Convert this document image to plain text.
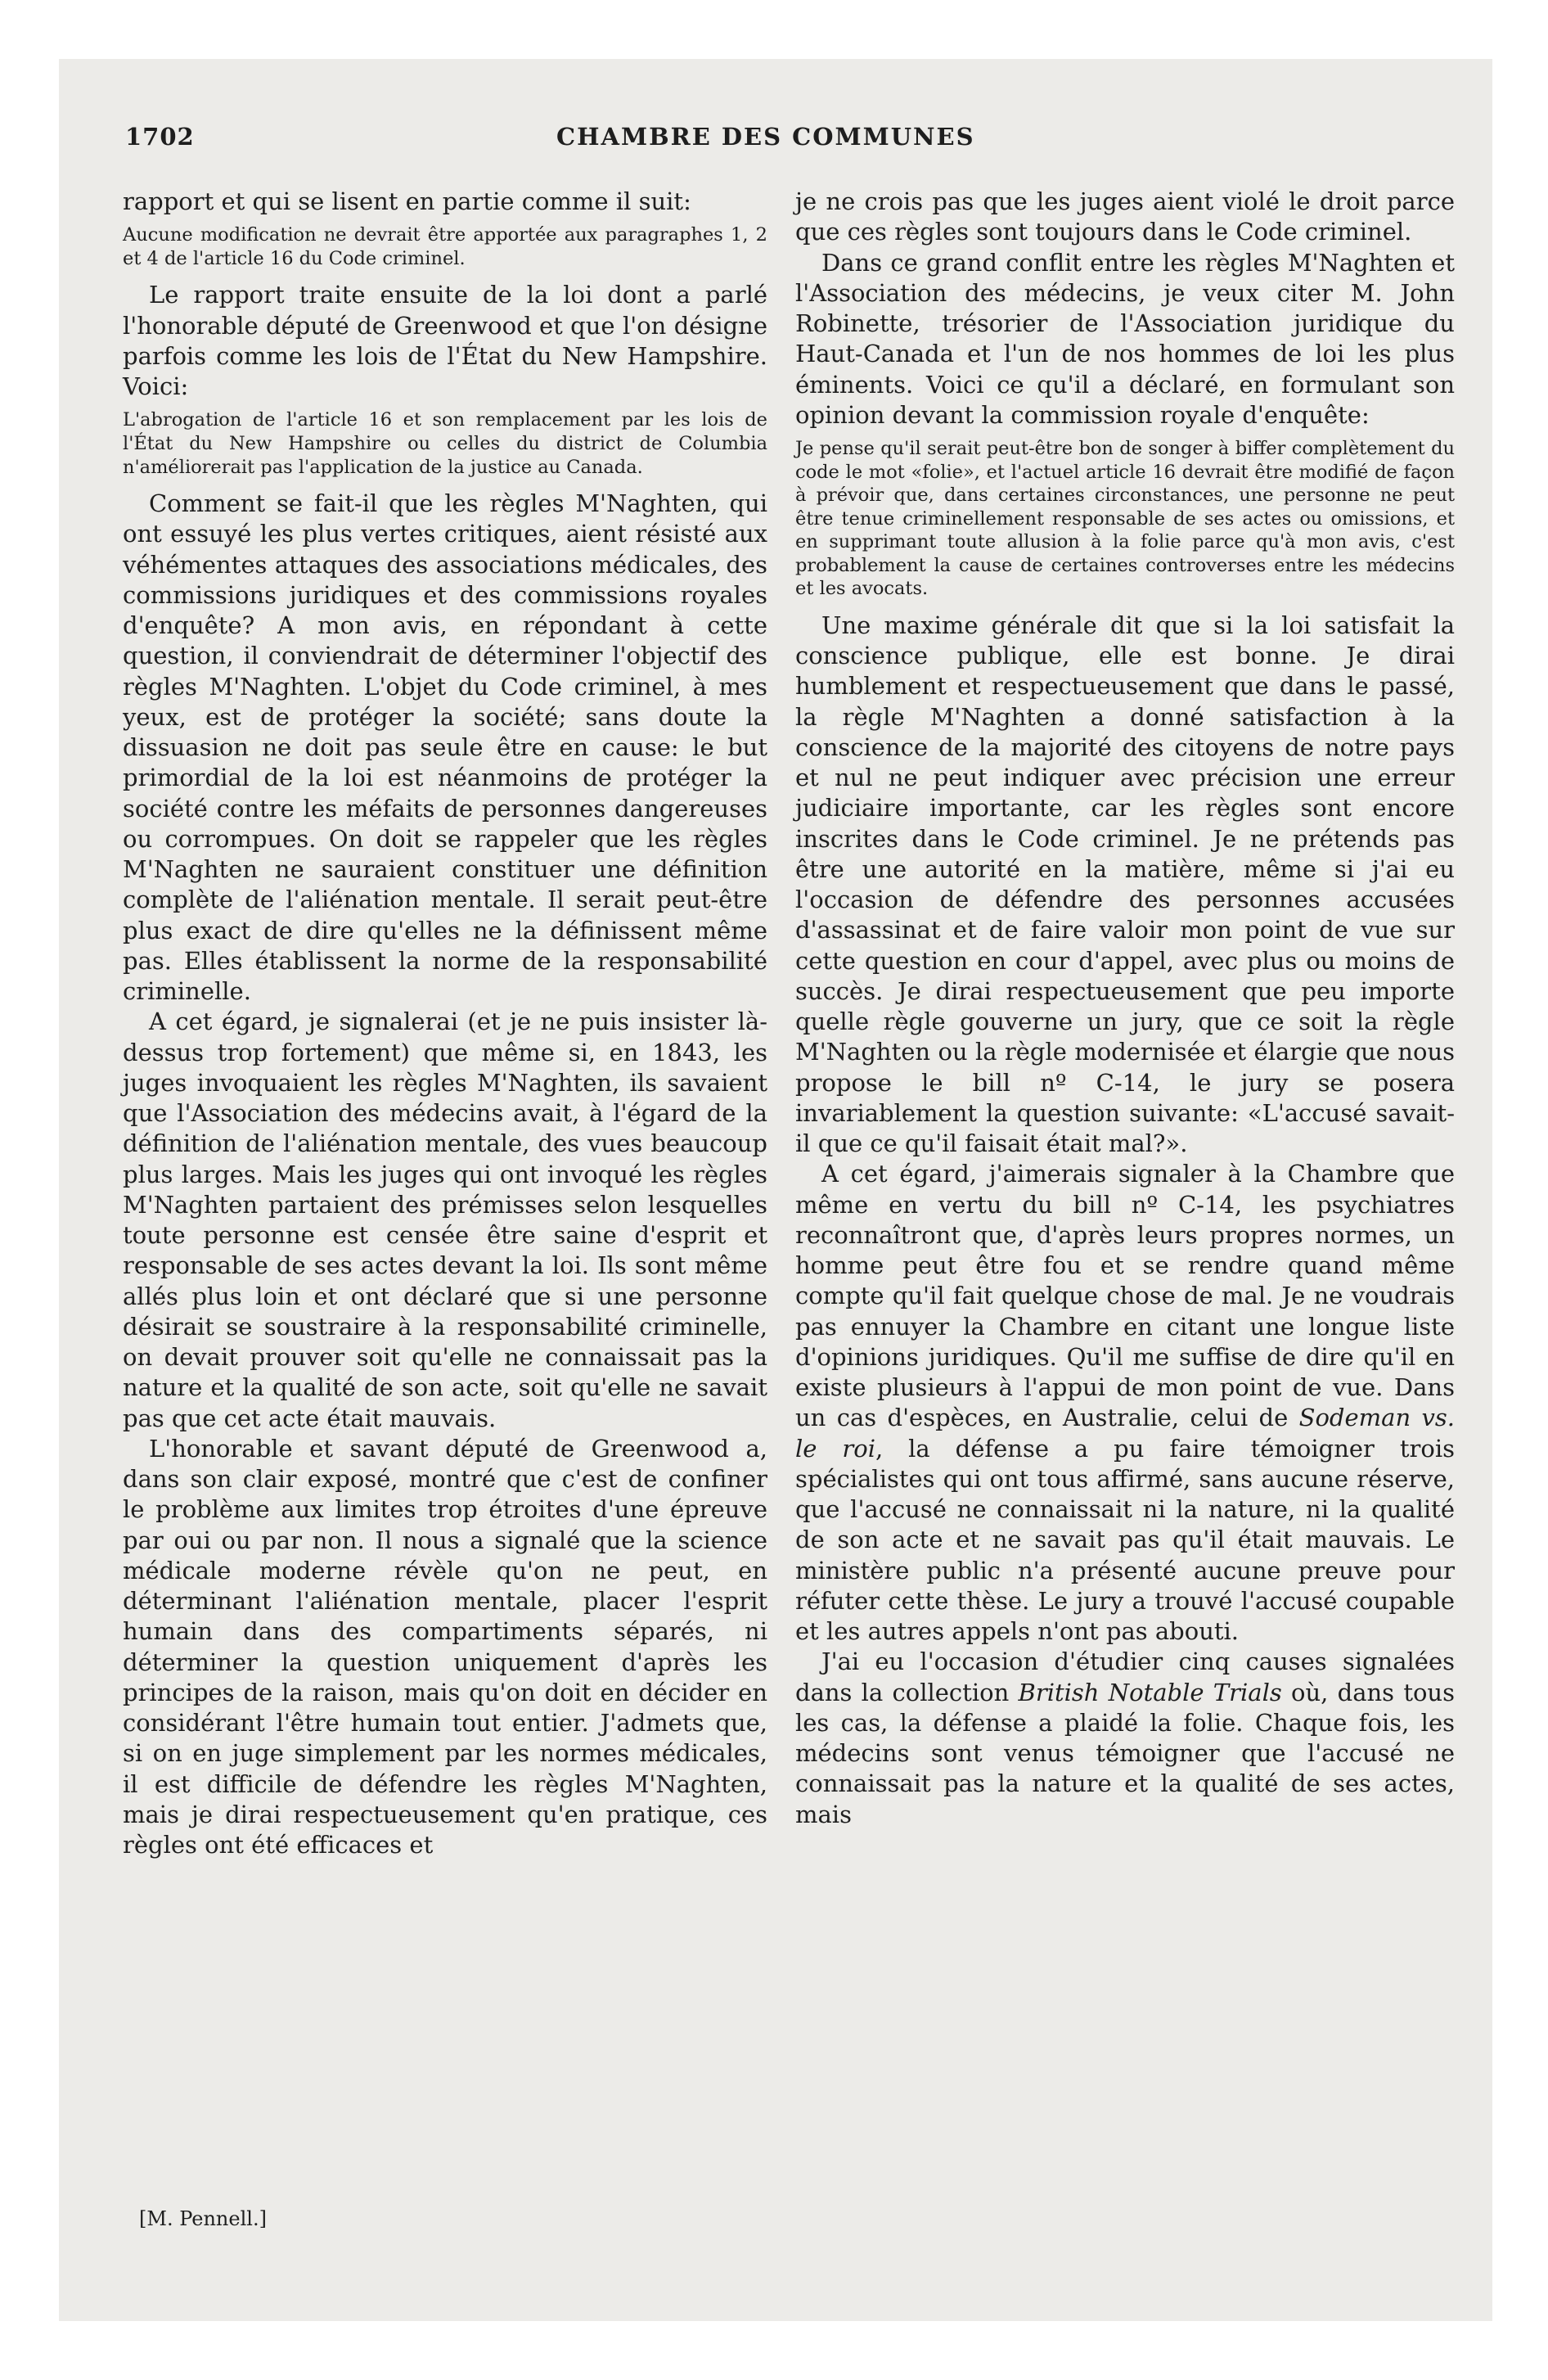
1702	CHAMBRE DES COMMUNES

rapport et qui se lisent en partie comme il suit:

Aucune modification ne devrait être apportée aux paragraphes 1, 2 et 4 de l'article 16 du Code criminel.

Le rapport traite ensuite de la loi dont a parlé l'honorable député de Greenwood et que l'on désigne parfois comme les lois de l'État du New Hampshire. Voici:

L'abrogation de l'article 16 et son remplacement par les lois de l'État du New Hampshire ou celles du district de Columbia n'améliorerait pas l'application de la justice au Canada.

Comment se fait-il que les règles M'Naghten, qui ont essuyé les plus vertes critiques, aient résisté aux véhémentes attaques des associations médicales, des commissions juridiques et des commissions royales d'enquête? A mon avis, en répondant à cette question, il conviendrait de déterminer l'objectif des règles M'Naghten. L'objet du Code criminel, à mes yeux, est de protéger la société; sans doute la dissuasion ne doit pas seule être en cause: le but primordial de la loi est néanmoins de protéger la société contre les méfaits de personnes dangereuses ou corrompues. On doit se rappeler que les règles M'Naghten ne sauraient constituer une définition complète de l'aliénation mentale. Il serait peut-être plus exact de dire qu'elles ne la définissent même pas. Elles établissent la norme de la responsabilité criminelle.

A cet égard, je signalerai (et je ne puis insister là-dessus trop fortement) que même si, en 1843, les juges invoquaient les règles M'Naghten, ils savaient que l'Association des médecins avait, à l'égard de la définition de l'aliénation mentale, des vues beaucoup plus larges. Mais les juges qui ont invoqué les règles M'Naghten partaient des prémisses selon lesquelles toute personne est censée être saine d'esprit et responsable de ses actes devant la loi. Ils sont même allés plus loin et ont déclaré que si une personne désirait se soustraire à la responsabilité criminelle, on devait prouver soit qu'elle ne connaissait pas la nature et la qualité de son acte, soit qu'elle ne savait pas que cet acte était mauvais.

L'honorable et savant député de Greenwood a, dans son clair exposé, montré que c'est de confiner le problème aux limites trop étroites d'une épreuve par oui ou par non. Il nous a signalé que la science médicale moderne révèle qu'on ne peut, en déterminant l'aliénation mentale, placer l'esprit humain dans des compartiments séparés, ni déterminer la question uniquement d'après les principes de la raison, mais qu'on doit en décider en considérant l'être humain tout entier. J'admets que, si on en juge simplement par les normes médicales, il est difficile de défendre les règles M'Naghten, mais je dirai respectueusement qu'en pratique, ces règles ont été efficaces et

je ne crois pas que les juges aient violé le droit parce que ces règles sont toujours dans le Code criminel.

Dans ce grand conflit entre les règles M'Naghten et l'Association des médecins, je veux citer M. John Robinette, trésorier de l'Association juridique du Haut-Canada et l'un de nos hommes de loi les plus éminents. Voici ce qu'il a déclaré, en formulant son opinion devant la commission royale d'enquête:

Je pense qu'il serait peut-être bon de songer à biffer complètement du code le mot «folie», et l'actuel article 16 devrait être modifié de façon à prévoir que, dans certaines circonstances, une personne ne peut être tenue criminellement responsable de ses actes ou omissions, et en supprimant toute allusion à la folie parce qu'à mon avis, c'est probablement la cause de certaines controverses entre les médecins et les avocats.

Une maxime générale dit que si la loi satisfait la conscience publique, elle est bonne. Je dirai humblement et respectueusement que dans le passé, la règle M'Naghten a donné satisfaction à la conscience de la majorité des citoyens de notre pays et nul ne peut indiquer avec précision une erreur judiciaire importante, car les règles sont encore inscrites dans le Code criminel. Je ne prétends pas être une autorité en la matière, même si j'ai eu l'occasion de défendre des personnes accusées d'assassinat et de faire valoir mon point de vue sur cette question en cour d'appel, avec plus ou moins de succès. Je dirai respectueusement que peu importe quelle règle gouverne un jury, que ce soit la règle M'Naghten ou la règle modernisée et élargie que nous propose le bill nº C-14, le jury se posera invariablement la question suivante: «L'accusé savait-il que ce qu'il faisait était mal?».

A cet égard, j'aimerais signaler à la Chambre que même en vertu du bill nº C-14, les psychiatres reconnaîtront que, d'après leurs propres normes, un homme peut être fou et se rendre quand même compte qu'il fait quelque chose de mal. Je ne voudrais pas ennuyer la Chambre en citant une longue liste d'opinions juridiques. Qu'il me suffise de dire qu'il en existe plusieurs à l'appui de mon point de vue. Dans un cas d'espèces, en Australie, celui de Sodeman vs. le roi, la défense a pu faire témoigner trois spécialistes qui ont tous affirmé, sans aucune réserve, que l'accusé ne connaissait ni la nature, ni la qualité de son acte et ne savait pas qu'il était mauvais. Le ministère public n'a présenté aucune preuve pour réfuter cette thèse. Le jury a trouvé l'accusé coupable et les autres appels n'ont pas abouti.

J'ai eu l'occasion d'étudier cinq causes signalées dans la collection British Notable Trials où, dans tous les cas, la défense a plaidé la folie. Chaque fois, les médecins sont venus témoigner que l'accusé ne connaissait pas la nature et la qualité de ses actes, mais

[M. Pennell.]
